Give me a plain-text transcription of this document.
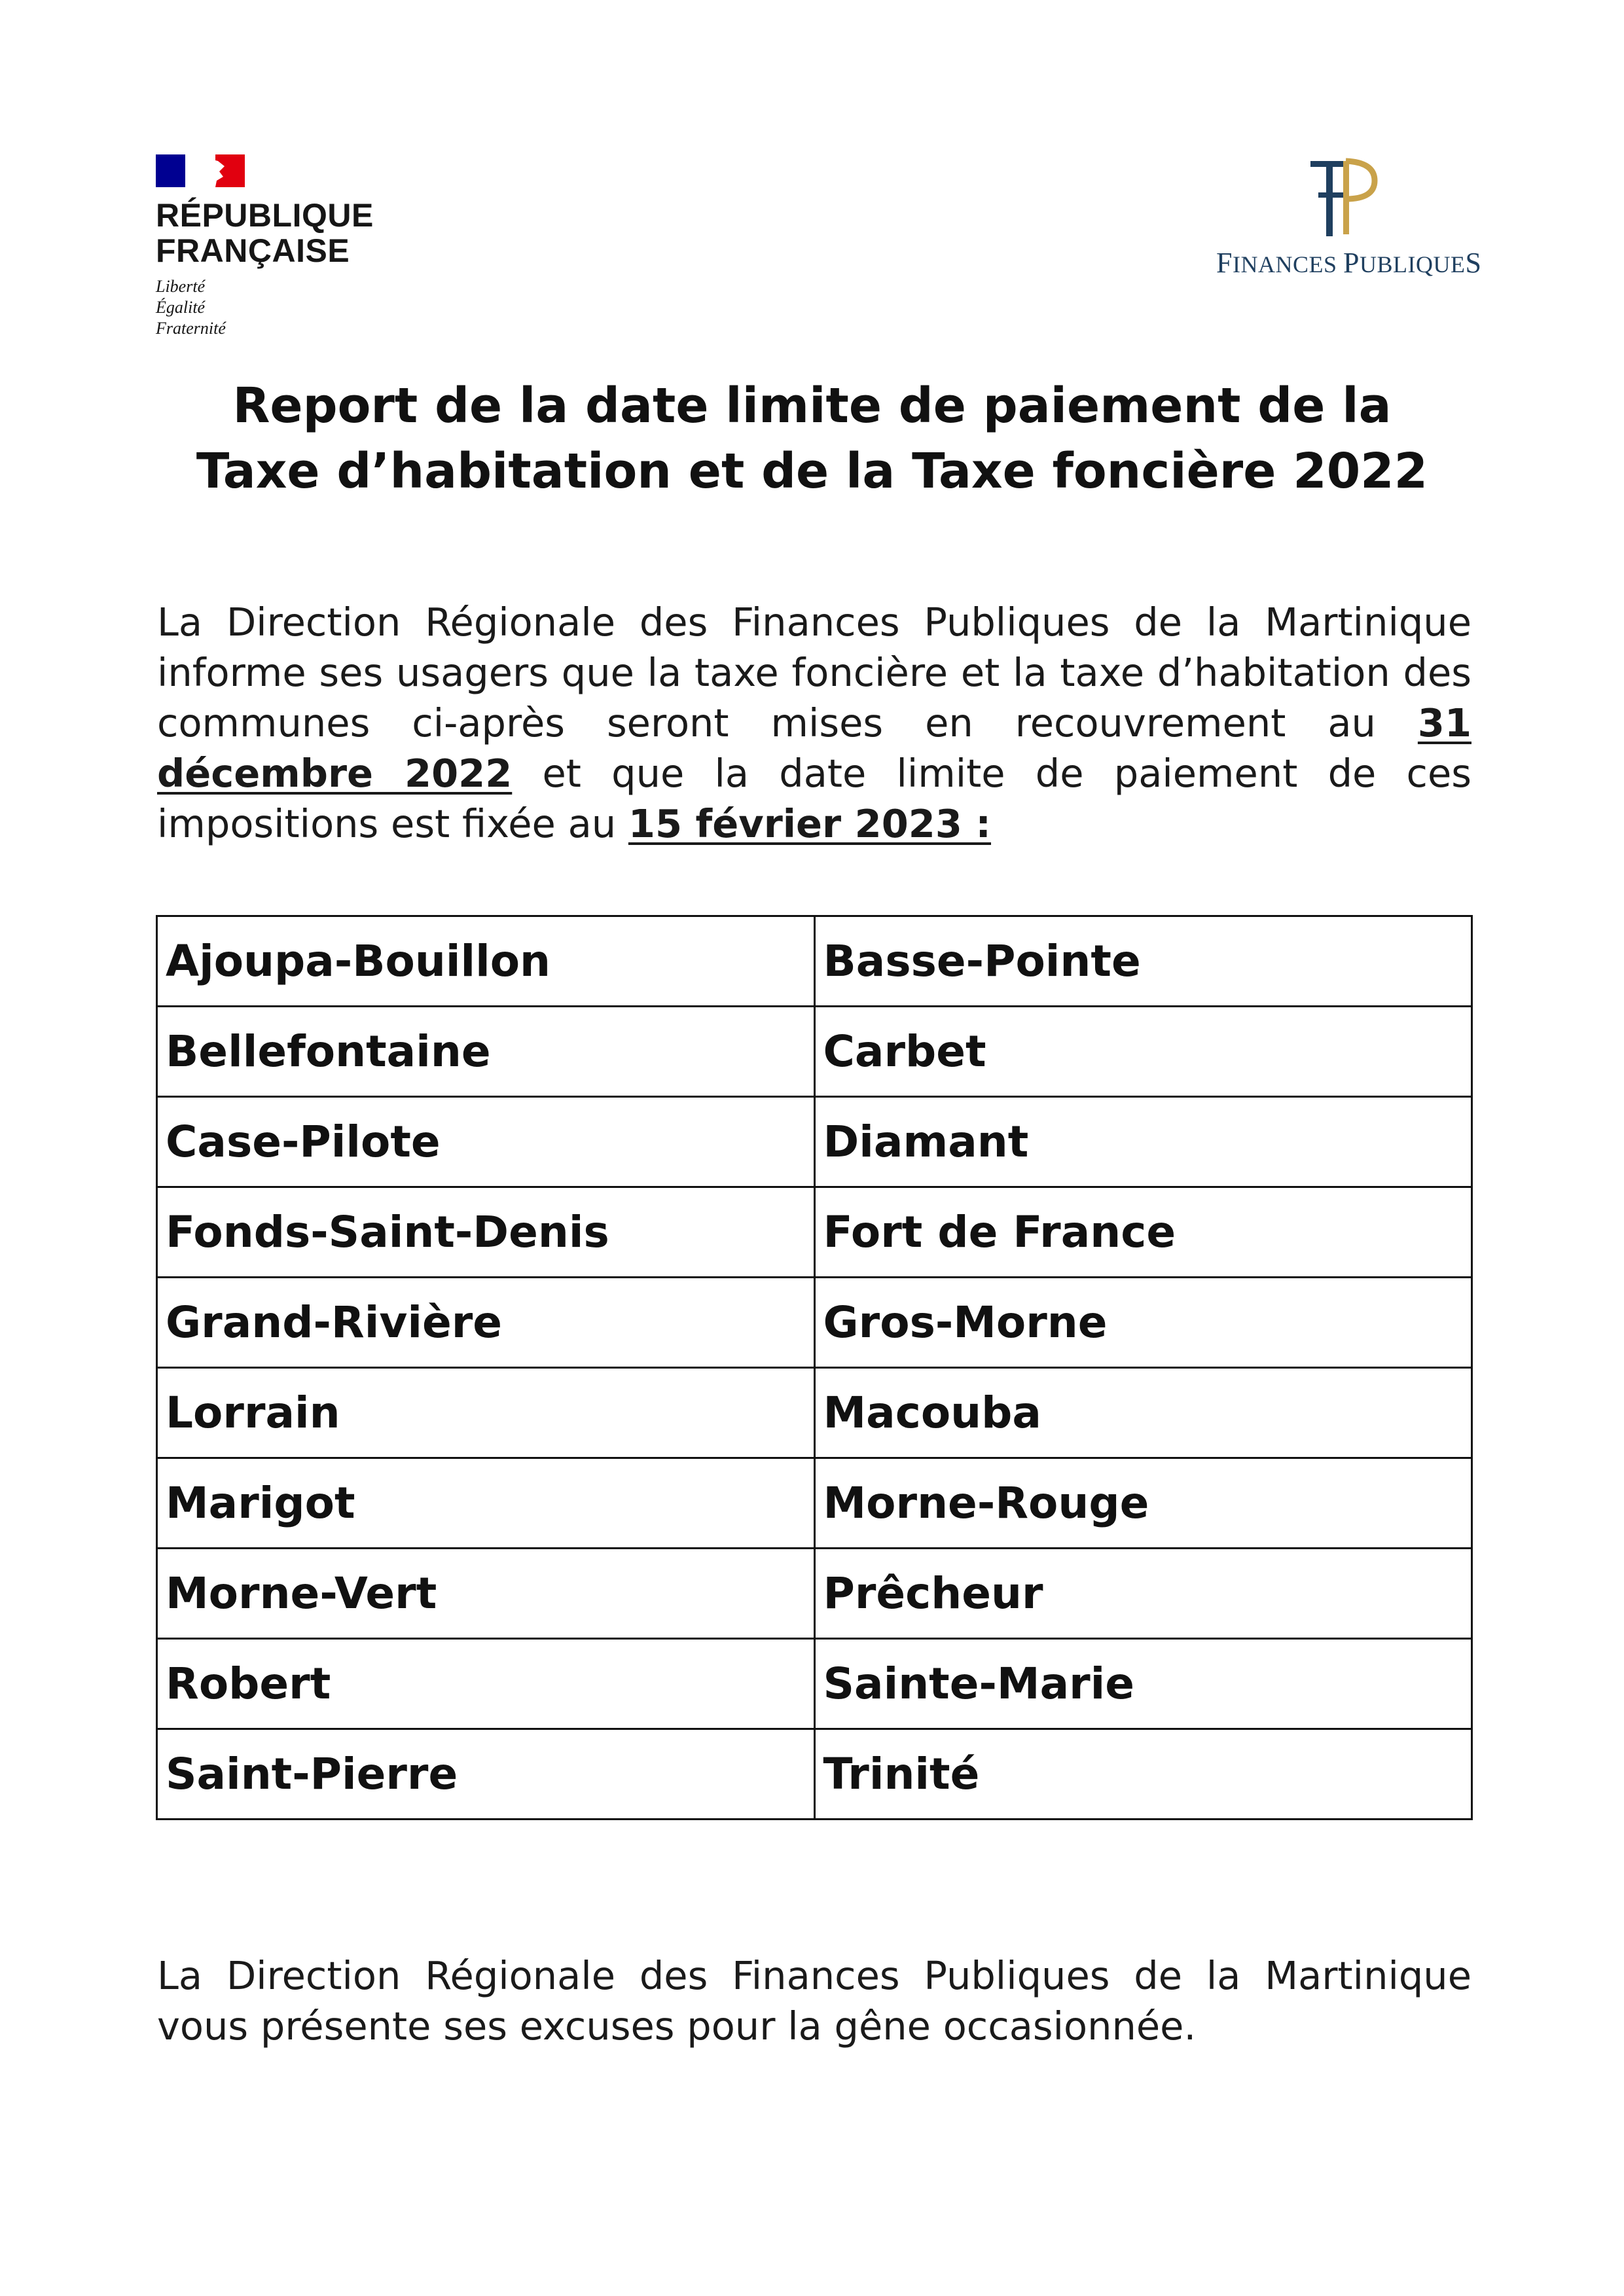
RÉPUBLIQUE
FRANÇAISE
Liberté
Égalité
Fraternité
FINANCES PUBLIQUES
Report de la date limite de paiement de la
Taxe d’habitation et de la Taxe foncière 2022
La Direction Régionale des Finances Publiques de la Martinique informe ses usagers que la taxe foncière et la taxe d’habitation des communes ci-après seront mises en recouvrement au 31 décembre 2022 et que la date limite de paiement de ces impositions est fixée au 15 février 2023 :
Ajoupa-Bouillon	Basse-Pointe
Bellefontaine	Carbet
Case-Pilote	Diamant
Fonds-Saint-Denis	Fort de France
Grand-Rivière	Gros-Morne
Lorrain	Macouba
Marigot	Morne-Rouge
Morne-Vert	Prêcheur
Robert	Sainte-Marie
Saint-Pierre	Trinité
La Direction Régionale des Finances Publiques de la Martinique vous présente ses excuses pour la gêne occasionnée.
